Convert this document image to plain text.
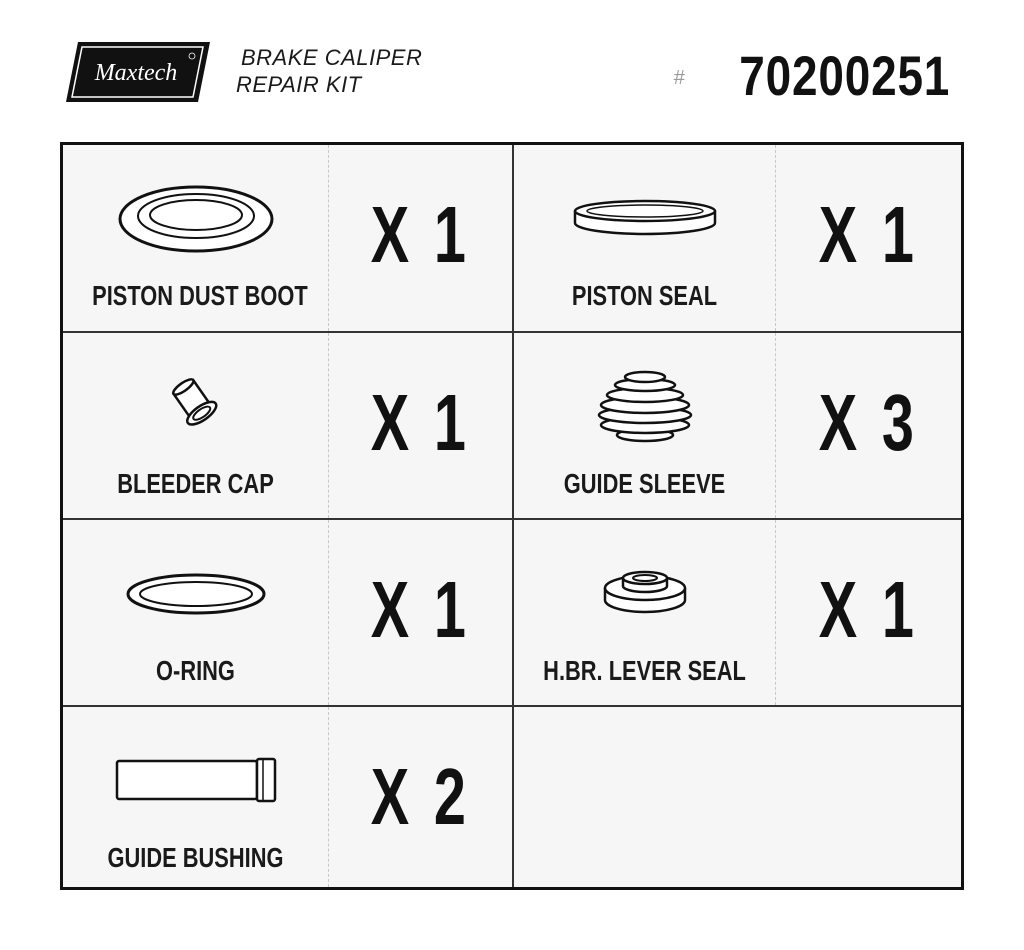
Maxtech
BRAKE CALIPER
REPAIR KIT	# 70200251
PISTON DUST BOOT
X 1
PISTON SEAL
X 1
BLEEDER CAP
X 1
GUIDE SLEEVE
X 3
O-RING
X 1
H.BR. LEVER SEAL
X 1
GUIDE BUSHING
X 2
